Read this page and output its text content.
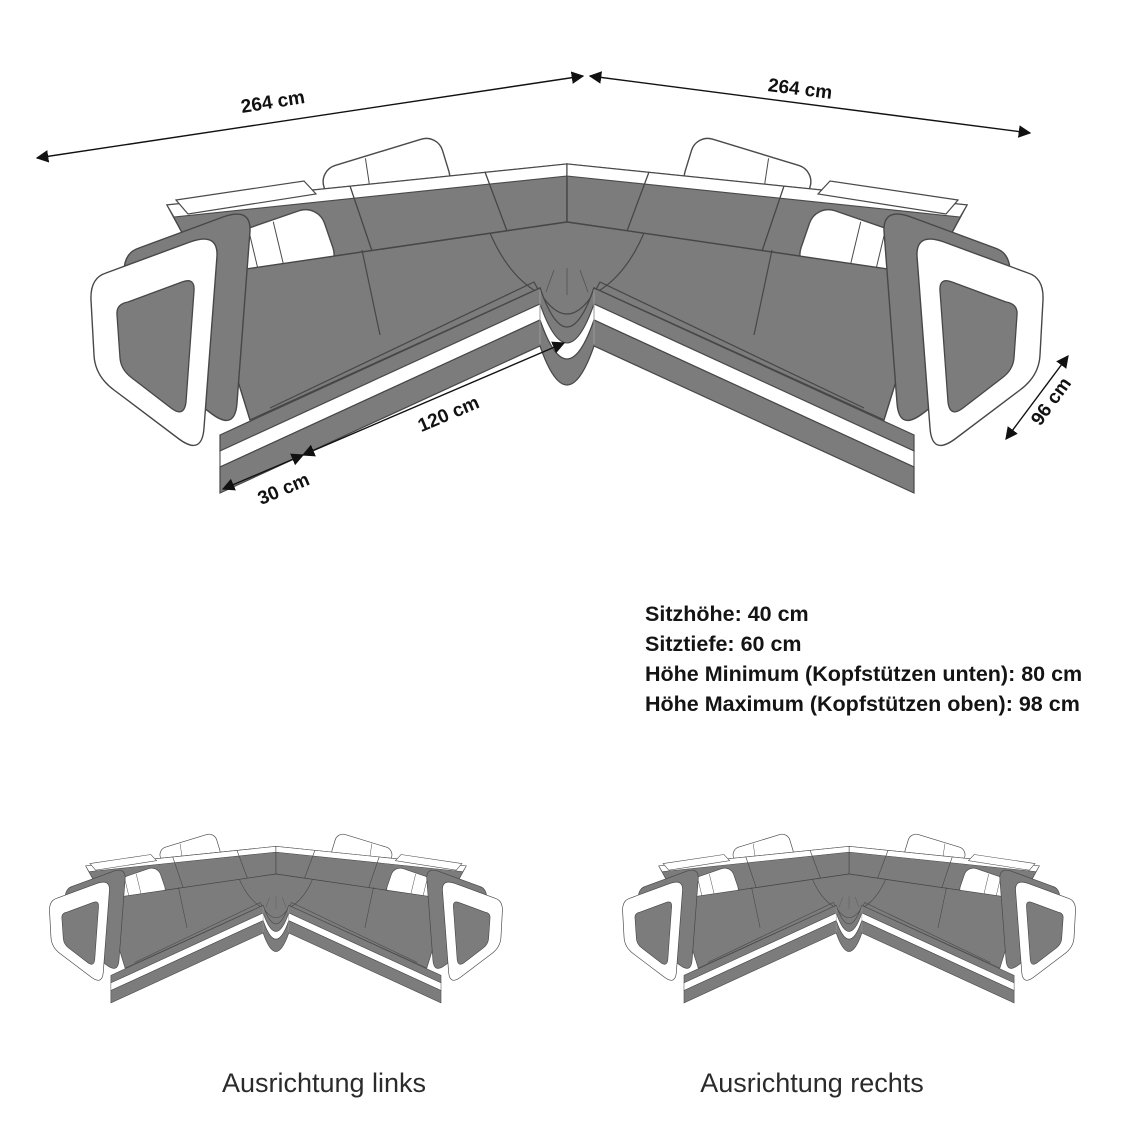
264 cm	264 cm
30 cm
120 cm	96 cm
Sitzhöhe: 40 cm
Sitztiefe: 60 cm
Höhe Minimum (Kopfstützen unten): 80 cm
Höhe Maximum (Kopfstützen oben): 98 cm
Ausrichtung links	Ausrichtung rechts
